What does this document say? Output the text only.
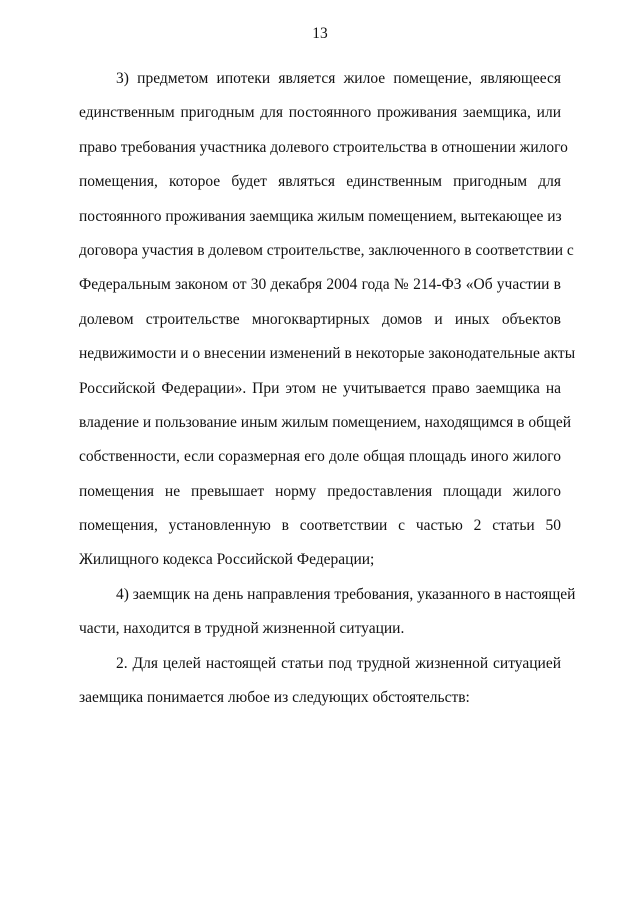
13
3) предметом ипотеки является жилое помещение, являющееся
единственным пригодным для постоянного проживания заемщика, или
право требования участника долевого строительства в отношении жилого
помещения, которое будет являться единственным пригодным для
постоянного проживания заемщика жилым помещением, вытекающее из
договора участия в долевом строительстве, заключенного в соответствии с
Федеральным законом от 30 декабря 2004 года № 214-ФЗ «Об участии в
долевом строительстве многоквартирных домов и иных объектов
недвижимости и о внесении изменений в некоторые законодательные акты
Российской Федерации». При этом не учитывается право заемщика на
владение и пользование иным жилым помещением, находящимся в общей
собственности, если соразмерная его доле общая площадь иного жилого
помещения не превышает норму предоставления площади жилого
помещения, установленную в соответствии с частью 2 статьи 50
Жилищного кодекса Российской Федерации;
4) заемщик на день направления требования, указанного в настоящей
части, находится в трудной жизненной ситуации.
2. Для целей настоящей статьи под трудной жизненной ситуацией
заемщика понимается любое из следующих обстоятельств:
